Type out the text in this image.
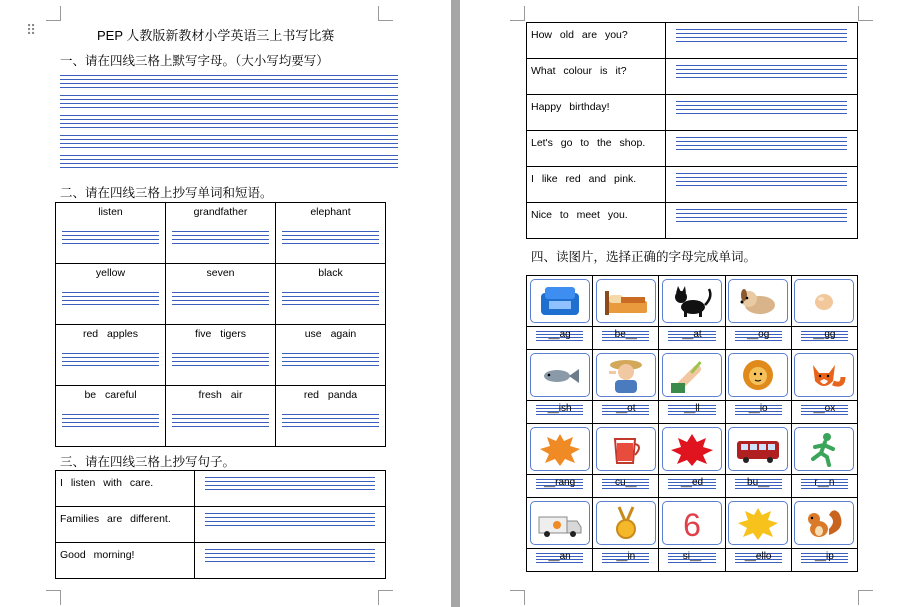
⠿	PEP 人教版新教材小学英语三上书写比赛
一、请在四线三格上默写字母。（大小写均要写）
二、请在四线三格上抄写单词和短语。
listen	grandfather	elephant

yellow	seven	black

red apples	five tigers	use again

be careful	fresh air	red panda
三、请在四线三格上抄写句子。
I listen with care.	

Families are different.	

Good morning!	

How old are you?	

What colour is it?	

Happy birthday!	

Let's go to the shop.	

I like red and pink.	

Nice to meet you.	

四、读图片，选择正确的字母完成单词。

__ag	be__	__at	__og	__gg

__ish	__ot	__ll	__io	__ox

__rang	cu__	__ed	bu__	r__n

6

__an	__in	si__	__ello	__ip
